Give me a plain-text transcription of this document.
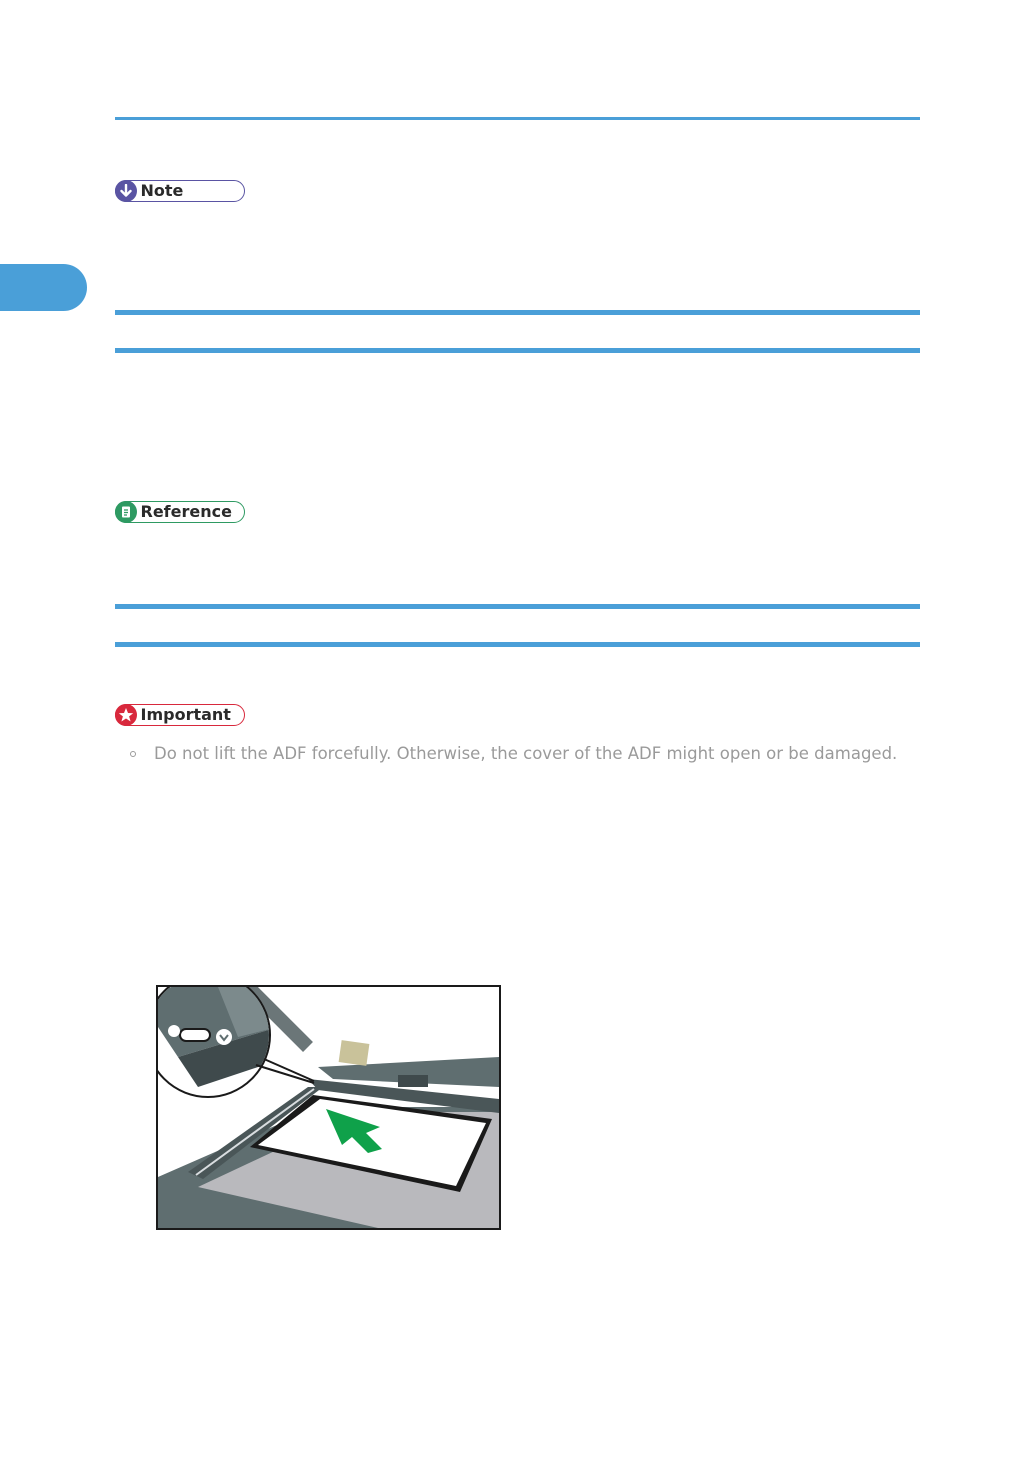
Note
Reference
Important
Do not lift the ADF forcefully. Otherwise, the cover of the ADF might open or be damaged.
